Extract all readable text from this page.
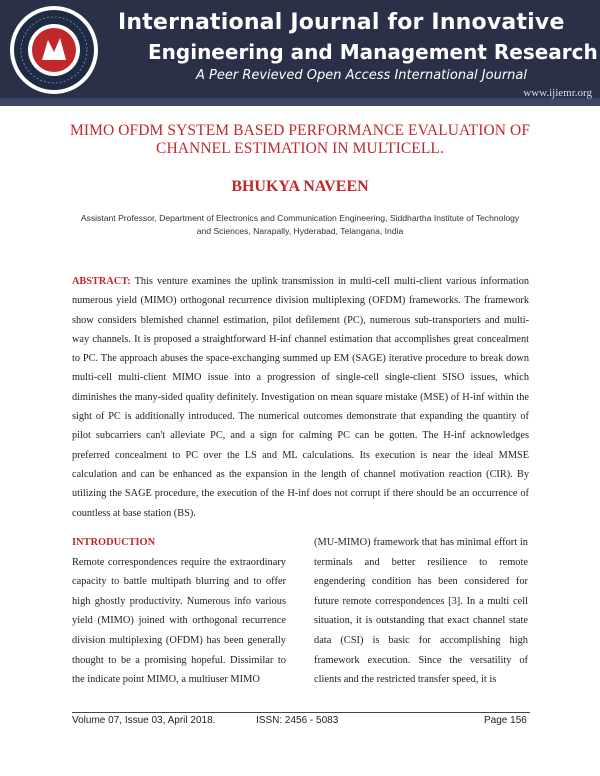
International Journal for Innovative
Engineering and Management Research
A Peer Revieved Open Access International Journal
www.ijiemr.org
MIMO OFDM SYSTEM BASED PERFORMANCE EVALUATION OF CHANNEL ESTIMATION IN MULTICELL.
BHUKYA NAVEEN
Assistant Professor, Department of Electronics and Communication Engineering, Siddhartha Institute of Technology and Sciences, Narapally, Hyderabad, Telangana, India
ABSTRACT: This venture examines the uplink transmission in multi-cell multi-client various information numerous yield (MIMO) orthogonal recurrence division multiplexing (OFDM) frameworks. The framework show considers blemished channel estimation, pilot defilement (PC), numerous sub-transporters and multi-way channels. It is proposed a straightforward H-inf channel estimation that accomplishes great concealment to PC. The approach abuses the space-exchanging summed up EM (SAGE) iterative procedure to break down multi-cell multi-client MIMO issue into a progression of single-cell single-client SISO issues, which diminishes the many-sided quality definitely. Investigation on mean square mistake (MSE) of H-inf within the sight of PC is additionally introduced. The numerical outcomes demonstrate that expanding the quantity of pilot subcarriers can't alleviate PC, and a sign for calming PC can be gotten. The H-inf acknowledges preferred concealment to PC over the LS and ML calculations. Its execution is near the ideal MMSE calculation and can be enhanced as the expansion in the length of channel motivation reaction (CIR). By utilizing the SAGE procedure, the execution of the H-inf does not corrupt if there should be an occurrence of countless at base station (BS).
INTRODUCTION
Remote correspondences require the extraordinary capacity to battle multipath blurring and to offer high ghostly productivity. Numerous info various yield (MIMO) joined with orthogonal recurrence division multiplexing (OFDM) has been generally thought to be a promising hopeful. Dissimilar to the indicate point MIMO, a multiuser MIMO
(MU-MIMO) framework that has minimal effort in terminals and better resilience to remote engendering condition has been considered for future remote correspondences [3]. In a multi cell situation, it is outstanding that exact channel state data (CSI) is basic for accomplishing high framework execution. Since the versatility of clients and the restricted transfer speed, it is
Volume 07, Issue 03, April 2018.	ISSN: 2456 - 5083	Page 156
